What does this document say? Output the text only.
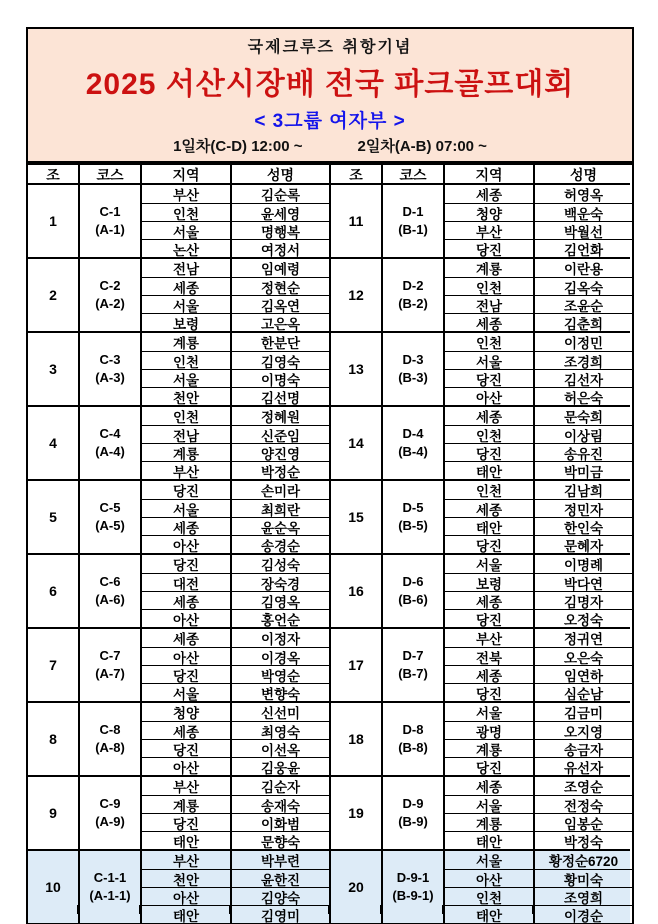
국제크루즈 취항기념
2025 서산시장배 전국 파크골프대회
< 3그룹 여자부 >
1일차(C-D) 12:00 ~	2일차(A-B) 07:00 ~
조	코스	지역	성명
1
C-1
(A-1)
부산	김순록
인천	윤세영
서울	명행복
논산	여정서
2
C-2
(A-2)
전남	임예령
세종	정현순
서울	김옥연
보령	고은옥
3
C-3
(A-3)
계룡	한분단
인천	김영숙
서울	이명숙
천안	김선명
4
C-4
(A-4)
인천	정혜원
전남	신준임
계룡	양진영
부산	박정순
5
C-5
(A-5)
당진	손미라
서울	최희란
세종	윤순옥
아산	송경순
6
C-6
(A-6)
당진	김성숙
대전	장숙경
세종	김영옥
아산	홍언순
7
C-7
(A-7)
세종	이정자
아산	이경옥
당진	박영순
서울	변향숙
8
C-8
(A-8)
청양	신선미
세종	최영숙
당진	이선옥
아산	김웅윤
9
C-9
(A-9)
부산	김순자
계룡	송재숙
당진	이화범
태안	문향숙
10
C-1-1
(A-1-1)
부산	박부련
천안	윤한진
아산	김양숙
태안	김영미
조	코스	지역	성명
11
D-1
(B-1)
세종	허영옥
청양	백운숙
부산	박월선
당진	김언화
12
D-2
(B-2)
계룡	이란용
인천	김옥숙
전남	조윤순
세종	김춘희
13
D-3
(B-3)
인천	이정민
서울	조경희
당진	김선자
아산	허은숙
14
D-4
(B-4)
세종	문숙희
인천	이상림
당진	송유진
태안	박미금
15
D-5
(B-5)
인천	김남희
세종	정민자
태안	한인숙
당진	문혜자
16
D-6
(B-6)
서울	이명례
보령	박다연
세종	김명자
당진	오정숙
17
D-7
(B-7)
부산	정귀연
전북	오은숙
세종	임연하
당진	심순남
18
D-8
(B-8)
서울	김금미
광명	오지영
계룡	송금자
당진	유선자
19
D-9
(B-9)
세종	조영순
서울	전정숙
계룡	임봉순
태안	박정숙
20
D-9-1
(B-9-1)
서울	황정순6720
아산	황미숙
인천	조영희
태안	이경순
